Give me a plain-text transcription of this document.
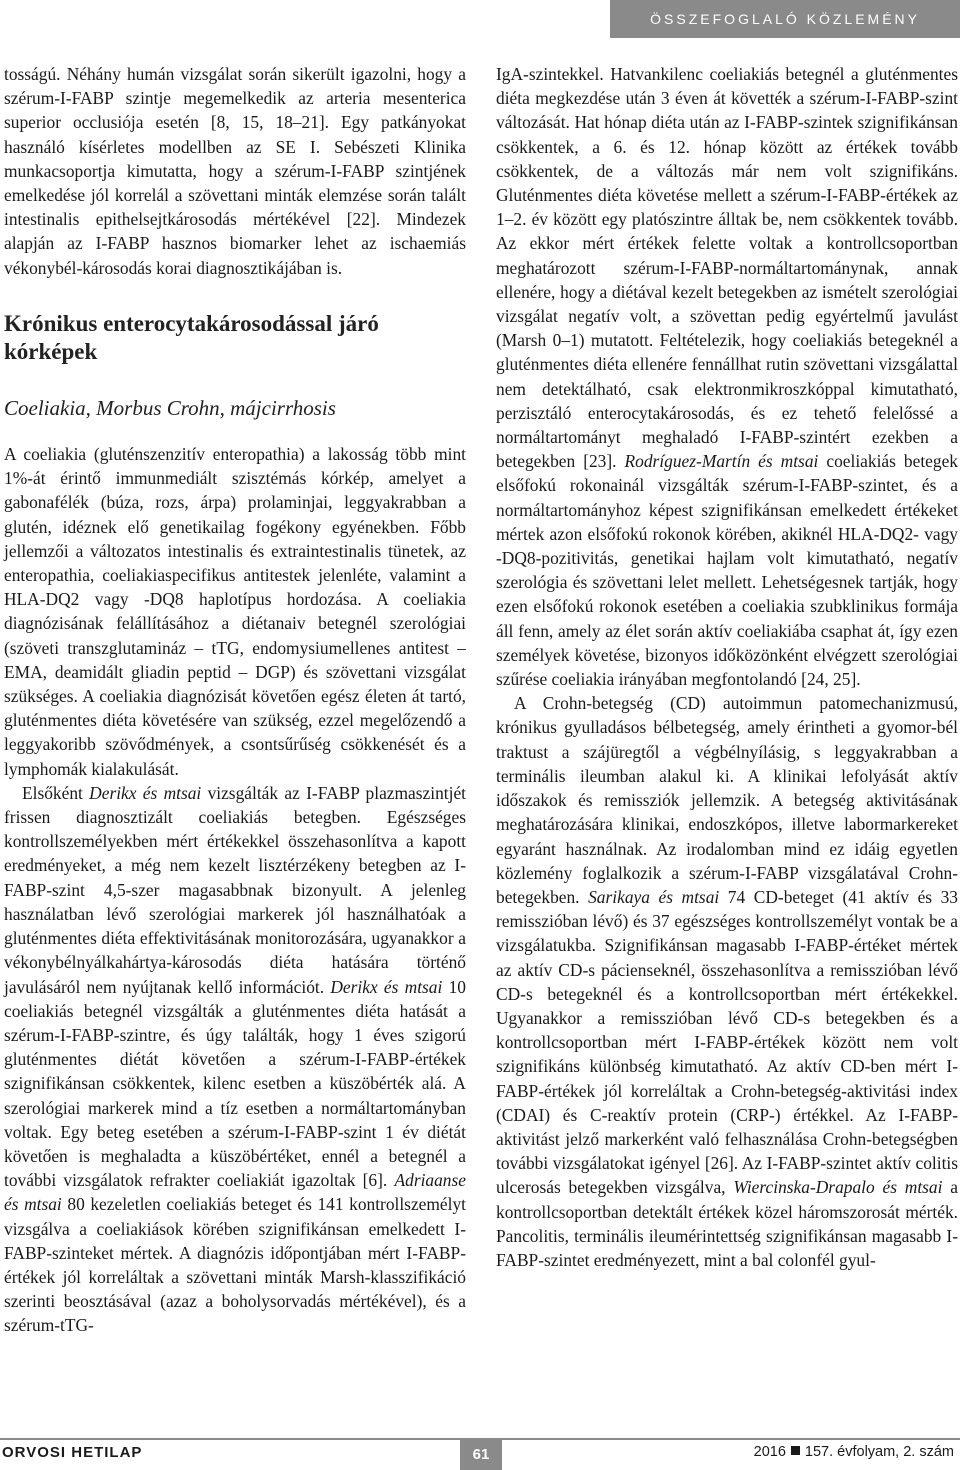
ÖSSZEFOGLALÓ KÖZLEMÉNY

tosságú. Néhány humán vizsgálat során sikerült igazolni, hogy a szérum-I-FABP szintje megemelkedik az arteria mesenterica superior occlusiója esetén [8, 15, 18–21]. Egy patkányokat használó kísérletes modellben az SE I. Sebészeti Klinika munkacsoportja kimutatta, hogy a szérum-I-FABP szintjének emelkedése jól korrelál a szövettani minták elemzése során talált intestinalis epithelsejtkárosodás mértékével [22]. Mindezek alapján az I-FABP hasznos biomarker lehet az ischaemiás vékonybél-károsodás korai diagnosztikájában is.

Krónikus enterocytakárosodással járó kórképek

Coeliakia, Morbus Crohn, májcirrhosis

A coeliakia (gluténszenzitív enteropathia) a lakosság több mint 1%-át érintő immunmediált szisztémás kórkép, amelyet a gabonafélék (búza, rozs, árpa) prolaminjai, leggyakrabban a glutén, idéznek elő genetikailag fogékony egyénekben. Főbb jellemzői a változatos intestinalis és extraintestinalis tünetek, az enteropathia, coeliakiaspecifikus antitestek jelenléte, valamint a HLA-DQ2 vagy -DQ8 haplotípus hordozása. A coeliakia diagnózisának felállításához a diétanaiv betegnél szerológiai (szöveti transzglutamináz – tTG, endomysiumellenes antitest – EMA, deamidált gliadin peptid – DGP) és szövettani vizsgálat szükséges. A coeliakia diagnózisát követően egész életen át tartó, gluténmentes diéta követésére van szükség, ezzel megelőzendő a leggyakoribb szövődmények, a csontsűrűség csökkenését és a lymphomák kialakulását.

Elsőként Derikx és mtsai vizsgálták az I-FABP plazmaszintjét frissen diagnosztizált coeliakiás betegben. Egészséges kontrollszemélyekben mért értékekkel összehasonlítva a kapott eredményeket, a még nem kezelt lisztérzékeny betegben az I-FABP-szint 4,5-szer magasabbnak bizonyult. A jelenleg használatban lévő szerológiai markerek jól használhatóak a gluténmentes diéta effektivitásának monitorozására, ugyanakkor a vékonybélnyálkahártya-károsodás diéta hatására történő javulásáról nem nyújtanak kellő információt. Derikx és mtsai 10 coeliakiás betegnél vizsgálták a gluténmentes diéta hatását a szérum-I-FABP-szintre, és úgy találták, hogy 1 éves szigorú gluténmentes diétát követően a szérum-I-FABP-értékek szignifikánsan csökkentek, kilenc esetben a küszöbérték alá. A szerológiai markerek mind a tíz esetben a normáltartományban voltak. Egy beteg esetében a szérum-I-FABP-szint 1 év diétát követően is meghaladta a küszöbértéket, ennél a betegnél a további vizsgálatok refrakter coeliakiát igazoltak [6]. Adriaanse és mtsai 80 kezeletlen coeliakiás beteget és 141 kontrollszemélyt vizsgálva a coeliakiások körében szignifikánsan emelkedett I-FABP-szinteket mértek. A diagnózis időpontjában mért I-FABP-értékek jól korreláltak a szövettani minták Marsh-klasszifikáció szerinti beosztásával (azaz a boholysorvadás mértékével), és a szérum-tTG-

IgA-szintekkel. Hatvankilenc coeliakiás betegnél a gluténmentes diéta megkezdése után 3 éven át követték a szérum-I-FABP-szint változását. Hat hónap diéta után az I-FABP-szintek szignifikánsan csökkentek, a 6. és 12. hónap között az értékek tovább csökkentek, de a változás már nem volt szignifikáns. Gluténmentes diéta követése mellett a szérum-I-FABP-értékek az 1–2. év között egy platószintre álltak be, nem csökkentek tovább. Az ekkor mért értékek felette voltak a kontrollcsoportban meghatározott szérum-I-FABP-normáltartománynak, annak ellenére, hogy a diétával kezelt betegekben az ismételt szerológiai vizsgálat negatív volt, a szövettan pedig egyértelmű javulást (Marsh 0–1) mutatott. Feltételezik, hogy coeliakiás betegeknél a gluténmentes diéta ellenére fennállhat rutin szövettani vizsgálattal nem detektálható, csak elektronmikroszkóppal kimutatható, perzisztáló enterocytakárosodás, és ez tehető felelőssé a normáltartományt meghaladó I-FABP-szintért ezekben a betegekben [23]. Rodríguez-Martín és mtsai coeliakiás betegek elsőfokú rokonainál vizsgálták szérum-I-FABP-szintet, és a normáltartományhoz képest szignifikánsan emelkedett értékeket mértek azon elsőfokú rokonok körében, akiknél HLA-DQ2- vagy -DQ8-pozitivitás, genetikai hajlam volt kimutatható, negatív szerológia és szövettani lelet mellett. Lehetségesnek tartják, hogy ezen elsőfokú rokonok esetében a coeliakia szubklinikus formája áll fenn, amely az élet során aktív coeliakiába csaphat át, így ezen személyek követése, bizonyos időközönként elvégzett szerológiai szűrése coeliakia irányában megfontolandó [24, 25].

A Crohn-betegség (CD) autoimmun patomechanizmusú, krónikus gyulladásos bélbetegség, amely érintheti a gyomor-bél traktust a szájüregtől a végbélnyílásig, s leggyakrabban a terminális ileumban alakul ki. A klinikai lefolyását aktív időszakok és remissziók jellemzik. A betegség aktivitásának meghatározására klinikai, endoszkópos, illetve labormarkereket egyaránt használnak. Az irodalomban mind ez idáig egyetlen közlemény foglalkozik a szérum-I-FABP vizsgálatával Crohn-betegekben. Sarikaya és mtsai 74 CD-beteget (41 aktív és 33 remisszióban lévő) és 37 egészséges kontrollszemélyt vontak be a vizsgálatukba. Szignifikánsan magasabb I-FABP-értéket mértek az aktív CD-s pácienseknél, összehasonlítva a remisszióban lévő CD-s betegeknél és a kontrollcsoportban mért értékekkel. Ugyanakkor a remisszióban lévő CD-s betegekben és a kontrollcsoportban mért I-FABP-értékek között nem volt szignifikáns különbség kimutatható. Az aktív CD-ben mért I-FABP-értékek jól korreláltak a Crohn-betegség-aktivitási index (CDAI) és C-reaktív protein (CRP-) értékkel. Az I-FABP-aktivitást jelző markerként való felhasználása Crohn-betegségben további vizsgálatokat igényel [26]. Az I-FABP-szintet aktív colitis ulcerosás betegekben vizsgálva, Wiercinska-Drapalo és mtsai a kontrollcsoportban detektált értékek közel háromszorosát mérték. Pancolitis, terminális ileumérintettség szignifikánsan magasabb I-FABP-szintet eredményezett, mint a bal colonfél gyul-

ORVOSI HETILAP	61	2016 157. évfolyam, 2. szám
